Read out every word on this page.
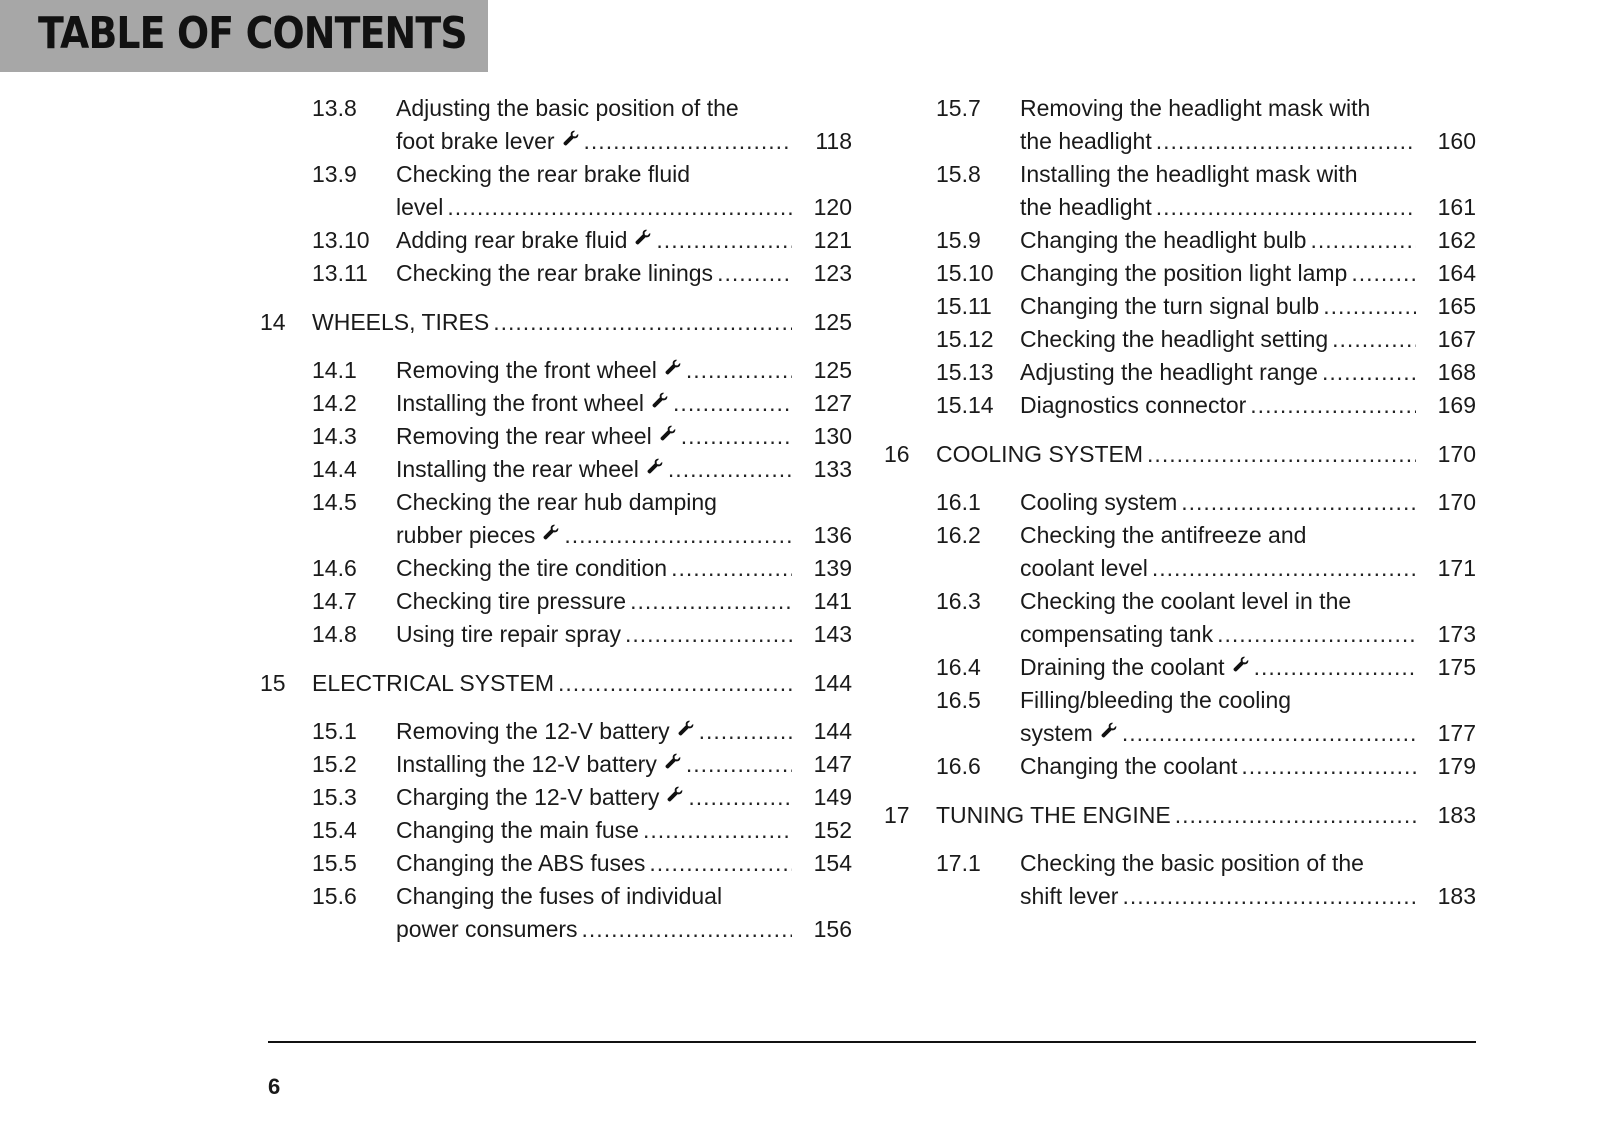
TABLE OF CONTENTS
13.8	Adjusting the basic position of the
foot brake lever .....	118
13.9	Checking the rear brake fluid
level .....	120
13.10	Adding rear brake fluid .....	121
13.11	Checking the rear brake linings .....	123
14	WHEELS, TIRES .....	125
14.1	Removing the front wheel .....	125
14.2	Installing the front wheel .....	127
14.3	Removing the rear wheel .....	130
14.4	Installing the rear wheel .....	133
14.5	Checking the rear hub damping
rubber pieces .....	136
14.6	Checking the tire condition .....	139
14.7	Checking tire pressure .....	141
14.8	Using tire repair spray .....	143
15	ELECTRICAL SYSTEM .....	144
15.1	Removing the 12-V battery .....	144
15.2	Installing the 12-V battery .....	147
15.3	Charging the 12-V battery .....	149
15.4	Changing the main fuse .....	152
15.5	Changing the ABS fuses .....	154
15.6	Changing the fuses of individual
power consumers .....	156
15.7	Removing the headlight mask with
the headlight .....	160
15.8	Installing the headlight mask with
the headlight .....	161
15.9	Changing the headlight bulb .....	162
15.10	Changing the position light lamp .....	164
15.11	Changing the turn signal bulb .....	165
15.12	Checking the headlight setting .....	167
15.13	Adjusting the headlight range .....	168
15.14	Diagnostics connector .....	169
16	COOLING SYSTEM .....	170
16.1	Cooling system .....	170
16.2	Checking the antifreeze and
coolant level .....	171
16.3	Checking the coolant level in the
compensating tank .....	173
16.4	Draining the coolant .....	175
16.5	Filling/bleeding the cooling
system .....	177
16.6	Changing the coolant .....	179
17	TUNING THE ENGINE .....	183
17.1	Checking the basic position of the
shift lever .....	183
6
